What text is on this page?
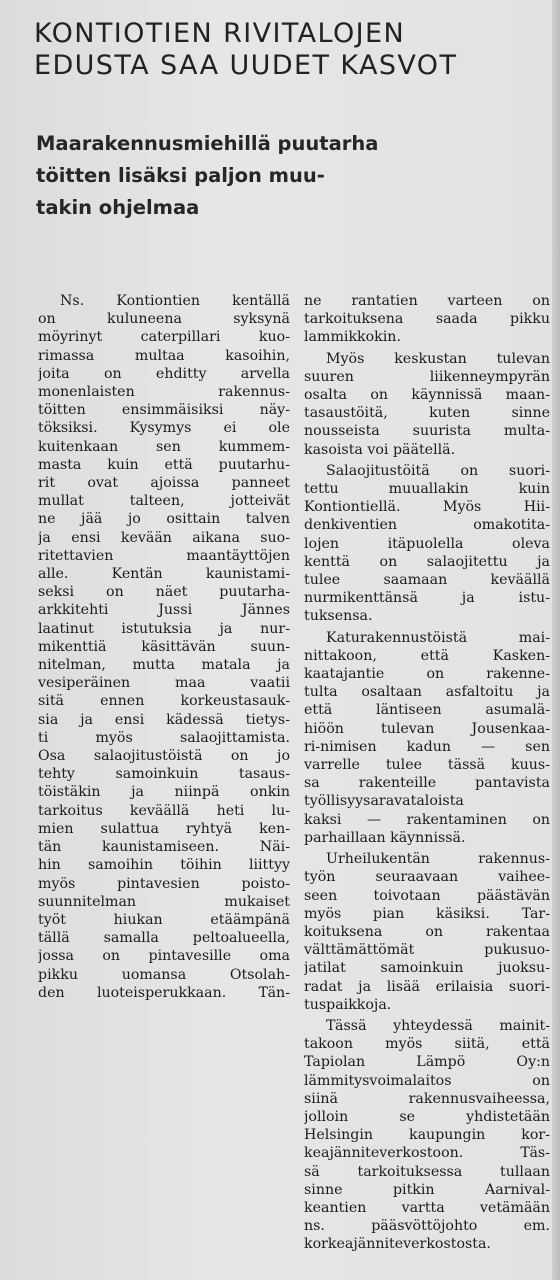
KONTIOTIEN RIVITALOJEN
EDUSTA SAA UUDET KASVOT
Maarakennusmiehillä puutarha
töitten lisäksi paljon muu-
takin ohjelmaa
Ns. Kontiontien kentällä
on kuluneena syksynä
möyrinyt caterpillari kuo-
rimassa multaa kasoihin,
joita on ehditty arvella
monenlaisten rakennus-
töitten ensimmäisiksi näy-
töksiksi. Kysymys ei ole
kuitenkaan sen kummem-
masta kuin että puutarhu-
rit ovat ajoissa panneet
mullat talteen, jotteivät
ne jää jo osittain talven
ja ensi kevään aikana suo-
ritettavien maantäyttöjen
alle. Kentän kaunistami-
seksi on näet puutarha-
arkkitehti Jussi Jännes
laatinut istutuksia ja nur-
mikenttiä käsittävän suun-
nitelman, mutta matala ja
vesiperäinen maa vaatii
sitä ennen korkeustasauk-
sia ja ensi kädessä tietys-
ti myös salaojittamista.
Osa salaojitustöistä on jo
tehty samoinkuin tasaus-
töistäkin ja niinpä onkin
tarkoitus keväällä heti lu-
mien sulattua ryhtyä ken-
tän kaunistamiseen. Näi-
hin samoihin töihin liittyy
myös pintavesien poisto-
suunnitelman mukaiset
työt hiukan etäämpänä
tällä samalla peltoalueella,
jossa on pintavesille oma
pikku uomansa Otsolah-
den luoteisperukkaan. Tän-
ne rantatien varteen on
tarkoituksena saada pikku
lammikkokin.
Myös keskustan tulevan
suuren liikenneympyrän
osalta on käynnissä maan-
tasaustöitä, kuten sinne
nousseista suurista multa-
kasoista voi päätellä.
Salaojitustöitä on suori-
tettu muuallakin kuin
Kontiontiellä. Myös Hii-
denkiventien omakotita-
lojen itäpuolella oleva
kenttä on salaojitettu ja
tulee saamaan keväällä
nurmikenttänsä ja istu-
tuksensa.
Katurakennustöistä mai-
nittakoon, että Kasken-
kaatajantie on rakenne-
tulta osaltaan asfaltoitu ja
että läntiseen asumalä-
hiöön tulevan Jousenkaa-
ri-nimisen kadun — sen
varrelle tulee tässä kuus-
sa rakenteille pantavista
työllisyysaravataloista
kaksi — rakentaminen on
parhaillaan käynnissä.
Urheilukentän rakennus-
työn seuraavaan vaihee-
seen toivotaan päästävän
myös pian käsiksi. Tar-
koituksena on rakentaa
välttämättömät pukusuo-
jatilat samoinkuin juoksu-
radat ja lisää erilaisia suori-
tuspaikkoja.
Tässä yhteydessä mainit-
takoon myös siitä, että
Tapiolan Lämpö Oy:n
lämmitysvoimalaitos on
siinä rakennusvaiheessa,
jolloin se yhdistetään
Helsingin kaupungin kor-
keajänniteverkostoon. Täs-
sä tarkoituksessa tullaan
sinne pitkin Aarnival-
keantien vartta vetämään
ns. pääsvöttöjohto em.
korkeajänniteverkostosta.
